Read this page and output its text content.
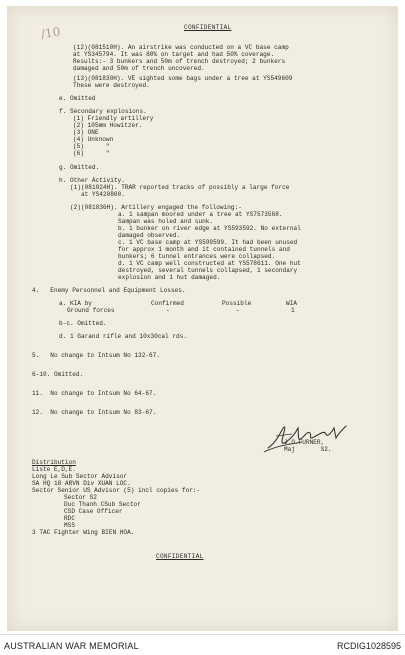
/10	CONFIDENTIAL
(12)(081510H). An airstrike was conducted on a VC base camp
at YS345794. It was 80% on target and had 50% coverage.
Results:- 3 bunkers and 50m of trench destroyed; 2 bunkers
damaged and 50m of trench uncovered.
(13)(081830H). VE sighted some bags under a tree at YS549609
These were destroyed.
e. Omitted
f. Secondary explosions.
(1) Friendly artillery
(2) 105mm Howitzer.
(3) ONE
(4) Unknown
(5)      "
(6)      "
g. Omitted.
h. Other Activity.
(1)(081024H). TRAR reported tracks of possibly a large force
at YS420800.
(2)(081836H). Artillery engaged the following:-
a. 1 sampan moored under a tree at YS7573568.
Sampan was holed and sunk.
b. 1 bunker on river edge at YS593592. No external
damaged observed.
c. 1 VC base camp at YS599599. It had been unused
for approx 1 month and it contained tunnels and
bunkers; 6 tunnel entrances were collapsed.
d. 1 VC camp well constructed at YS578611. One hut
destroyed, several tunnels collapsed, 1 secondary
explosion and 1 hut damaged.
4.   Enemy Personnel and Equipment Losses.
a. KIA by	Confirmed	Possible	WIA
Ground forces	-	-	1
b-c. Omitted.
d. 1 Garand rifle and 10x30cal rds.
5.   No change to Intsum No 132-67.
6-10. Omitted.
11.  No change to Intsum No 64-67.
12.  No change to Intsum No 83-67.
J.O.FURNER,
Maj       S2.
Distribution
Liste E,D,E.
Long Le Sub Sector Advisor
SA HQ 18 ARVN Div XUAN LOC.
Sector Senior US Advisor (5) incl copies for:-
Sector S2
Duc Thanh CSub Sector
CSD Case Officer
RDC
MSS
3 TAC Fighter Wing BIEN HOA.
CONFIDENTIAL
AUSTRALIAN WAR MEMORIAL	RCDIG1028595
